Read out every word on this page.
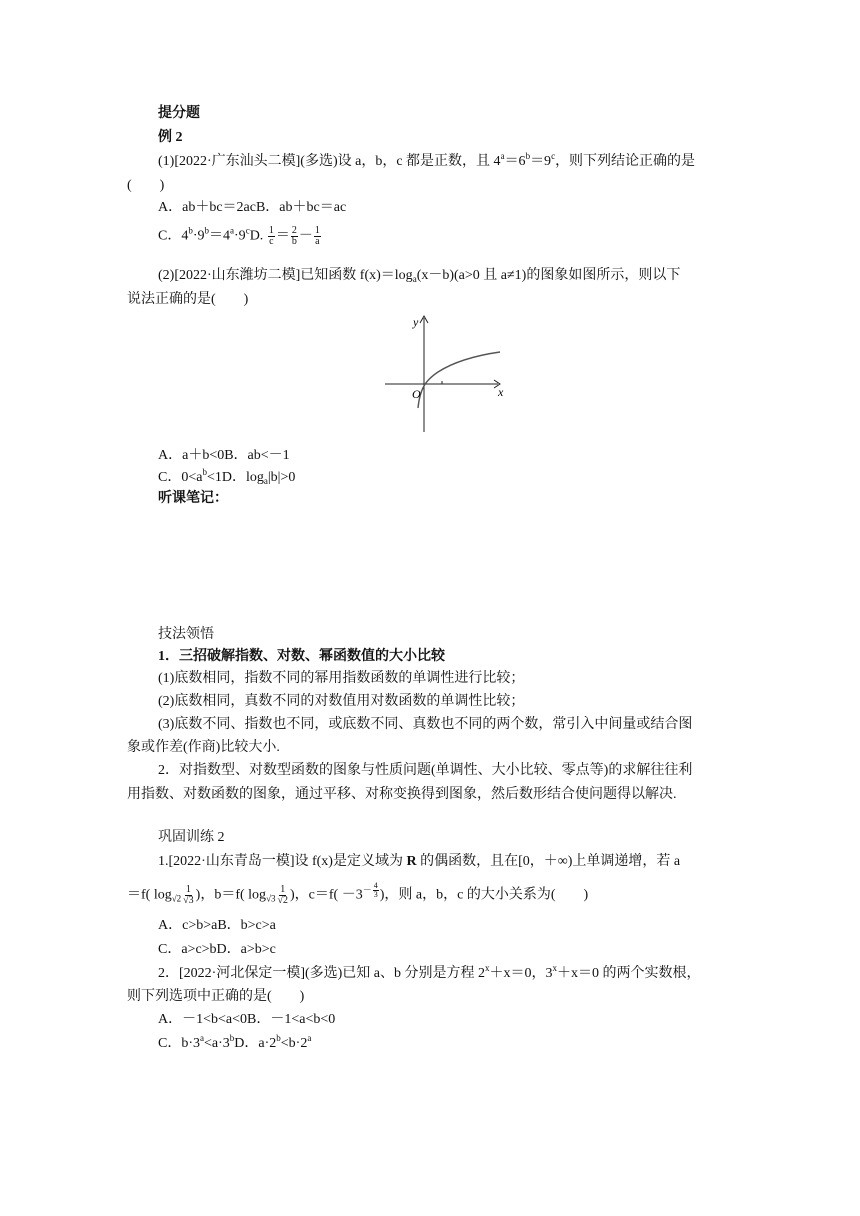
提分题
例 2
(1)[2022·广东汕头二模](多选)设 a，b，c 都是正数，且 $4^a=6^b=9^c$，则下列结论正确的是
(　　)
A．ab＋bc＝2acB．ab＋bc＝ac
C．$4^b\cdot 9^b=4^a\cdot 9^cD$. $\frac{1}{c} = \frac{2}{b} - \frac{1}{a}$
(2)[2022·山东潍坊二模]已知函数 $f(x)=\log_a(x-b)(a>0$ 且 a≠1)的图象如图所示，则以下
说法正确的是(　　)
y
x
O
A．a＋b<0B．ab<－1
C．$0<a^b<1D$．$\log_a|b|>0$
听课笔记：
技法领悟
1．三招破解指数、对数、幂函数值的大小比较
(1)底数相同，指数不同的幂用指数函数的单调性进行比较；
(2)底数相同，真数不同的对数值用对数函数的单调性比较；
(3)底数不同、指数也不同，或底数不同、真数也不同的两个数，常引入中间量或结合图
象或作差(作商)比较大小.
2．对指数型、对数型函数的图象与性质问题(单调性、大小比较、零点等)的求解往往利
用指数、对数函数的图象，通过平移、对称变换得到图象，然后数形结合使问题得以解决.
巩固训练 2
1.[2022·山东青岛一模]设 f(x)是定义域为 R 的偶函数，且在[0，＋∞)上单调递增，若 a
＝f( $\log_{√2} \frac{1}{√3}$ )，b＝f( $\log_{√3} \frac{1}{√2}$ )，$c=f( -3^{- \frac{4}{3}}$ )，则 a，b，c 的大小关系为(　　)
A．c>b>aB．b>c>a
C．a>c>bD．a>b>c
2．[2022·河北保定一模](多选)已知 a、b 分别是方程 $2^x+x=0$，$3^x+x=0$ 的两个实数根，
则下列选项中正确的是(　　)
A．－1<b<a<0B．－1<a<b<0
C．$b\cdot 3^a<a\cdot 3^bD$．$a\cdot 2^b<b\cdot 2^a$
